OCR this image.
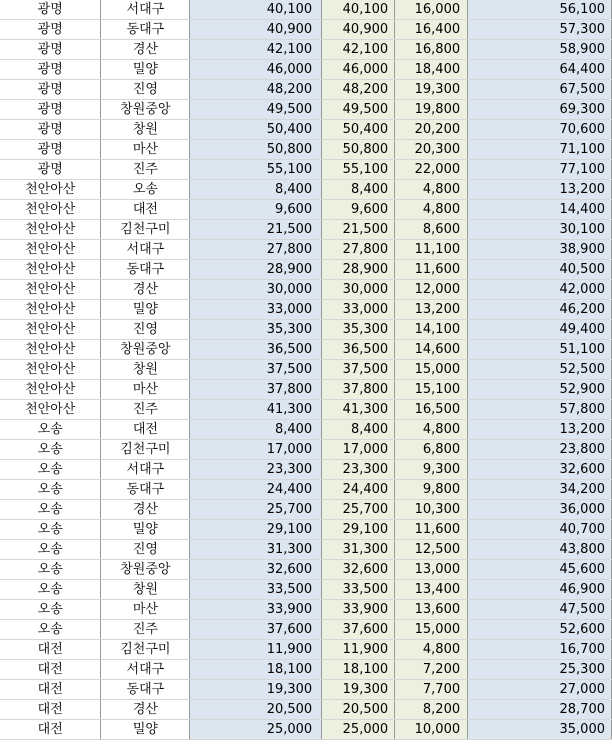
광명	서대구	40,100	40,100	16,000	56,100
광명	동대구	40,900	40,900	16,400	57,300
광명	경산	42,100	42,100	16,800	58,900
광명	밀양	46,000	46,000	18,400	64,400
광명	진영	48,200	48,200	19,300	67,500
광명	창원중앙	49,500	49,500	19,800	69,300
광명	창원	50,400	50,400	20,200	70,600
광명	마산	50,800	50,800	20,300	71,100
광명	진주	55,100	55,100	22,000	77,100
천안아산	오송	8,400	8,400	4,800	13,200
천안아산	대전	9,600	9,600	4,800	14,400
천안아산	김천구미	21,500	21,500	8,600	30,100
천안아산	서대구	27,800	27,800	11,100	38,900
천안아산	동대구	28,900	28,900	11,600	40,500
천안아산	경산	30,000	30,000	12,000	42,000
천안아산	밀양	33,000	33,000	13,200	46,200
천안아산	진영	35,300	35,300	14,100	49,400
천안아산	창원중앙	36,500	36,500	14,600	51,100
천안아산	창원	37,500	37,500	15,000	52,500
천안아산	마산	37,800	37,800	15,100	52,900
천안아산	진주	41,300	41,300	16,500	57,800
오송	대전	8,400	8,400	4,800	13,200
오송	김천구미	17,000	17,000	6,800	23,800
오송	서대구	23,300	23,300	9,300	32,600
오송	동대구	24,400	24,400	9,800	34,200
오송	경산	25,700	25,700	10,300	36,000
오송	밀양	29,100	29,100	11,600	40,700
오송	진영	31,300	31,300	12,500	43,800
오송	창원중앙	32,600	32,600	13,000	45,600
오송	창원	33,500	33,500	13,400	46,900
오송	마산	33,900	33,900	13,600	47,500
오송	진주	37,600	37,600	15,000	52,600
대전	김천구미	11,900	11,900	4,800	16,700
대전	서대구	18,100	18,100	7,200	25,300
대전	동대구	19,300	19,300	7,700	27,000
대전	경산	20,500	20,500	8,200	28,700
대전	밀양	25,000	25,000	10,000	35,000
